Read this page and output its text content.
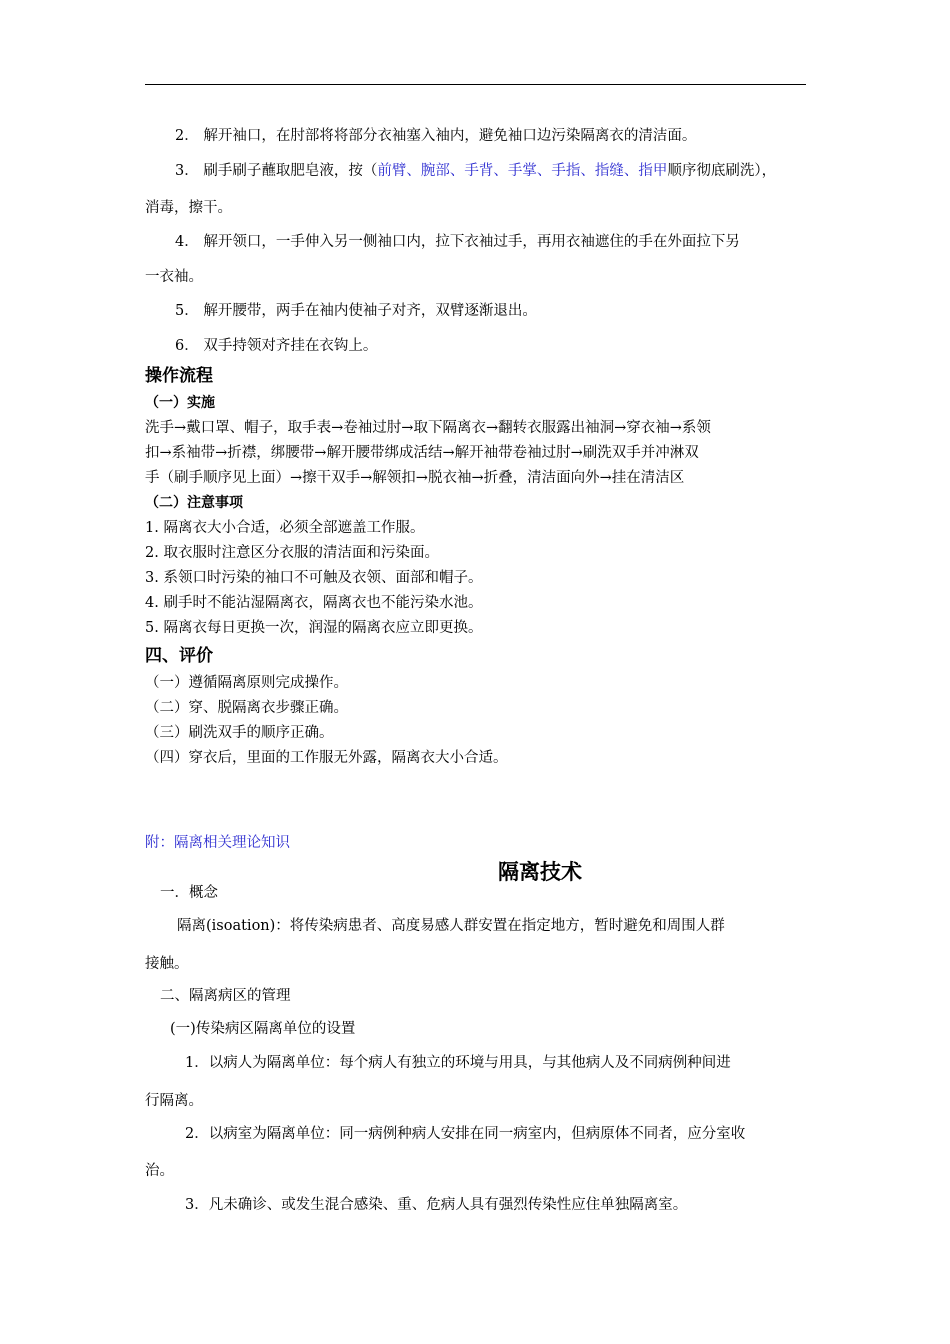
2． 解开袖口，在肘部将将部分衣袖塞入袖内，避免袖口边污染隔离衣的清洁面。
3． 刷手刷子蘸取肥皂液，按（前臂、腕部、手背、手掌、手指、指缝、指甲顺序彻底刷洗），
消毒，擦干。
4． 解开领口，一手伸入另一侧袖口内，拉下衣袖过手，再用衣袖遮住的手在外面拉下另
一衣袖。
5． 解开腰带，两手在袖内使袖子对齐，双臂逐渐退出。
6． 双手持领对齐挂在衣钩上。
操作流程
（一）实施
洗手→戴口罩、帽子，取手表→卷袖过肘→取下隔离衣→翻转衣服露出袖洞→穿衣袖→系领
扣→系袖带→折襟，绑腰带→解开腰带绑成活结→解开袖带卷袖过肘→刷洗双手并冲淋双
手（刷手顺序见上面）→擦干双手→解领扣→脱衣袖→折叠，清洁面向外→挂在清洁区
（二）注意事项
1. 隔离衣大小合适，必须全部遮盖工作服。
2. 取衣服时注意区分衣服的清洁面和污染面。
3. 系领口时污染的袖口不可触及衣领、面部和帽子。
4. 刷手时不能沾湿隔离衣，隔离衣也不能污染水池。
5. 隔离衣每日更换一次，润湿的隔离衣应立即更换。
四、评价
（一）遵循隔离原则完成操作。
（二）穿、脱隔离衣步骤正确。
（三）刷洗双手的顺序正确。
（四）穿衣后，里面的工作服无外露，隔离衣大小合适。
附：隔离相关理论知识
隔离技术
一．概念
隔离(isoation)：将传染病患者、高度易感人群安置在指定地方，暂时避免和周围人群
接触。
二、隔离病区的管理
(一)传染病区隔离单位的设置
1．以病人为隔离单位：每个病人有独立的环境与用具，与其他病人及不同病例种间进
行隔离。
2．以病室为隔离单位：同一病例种病人安排在同一病室内，但病原体不同者，应分室收
治。
3．凡未确诊、或发生混合感染、重、危病人具有强烈传染性应住单独隔离室。
